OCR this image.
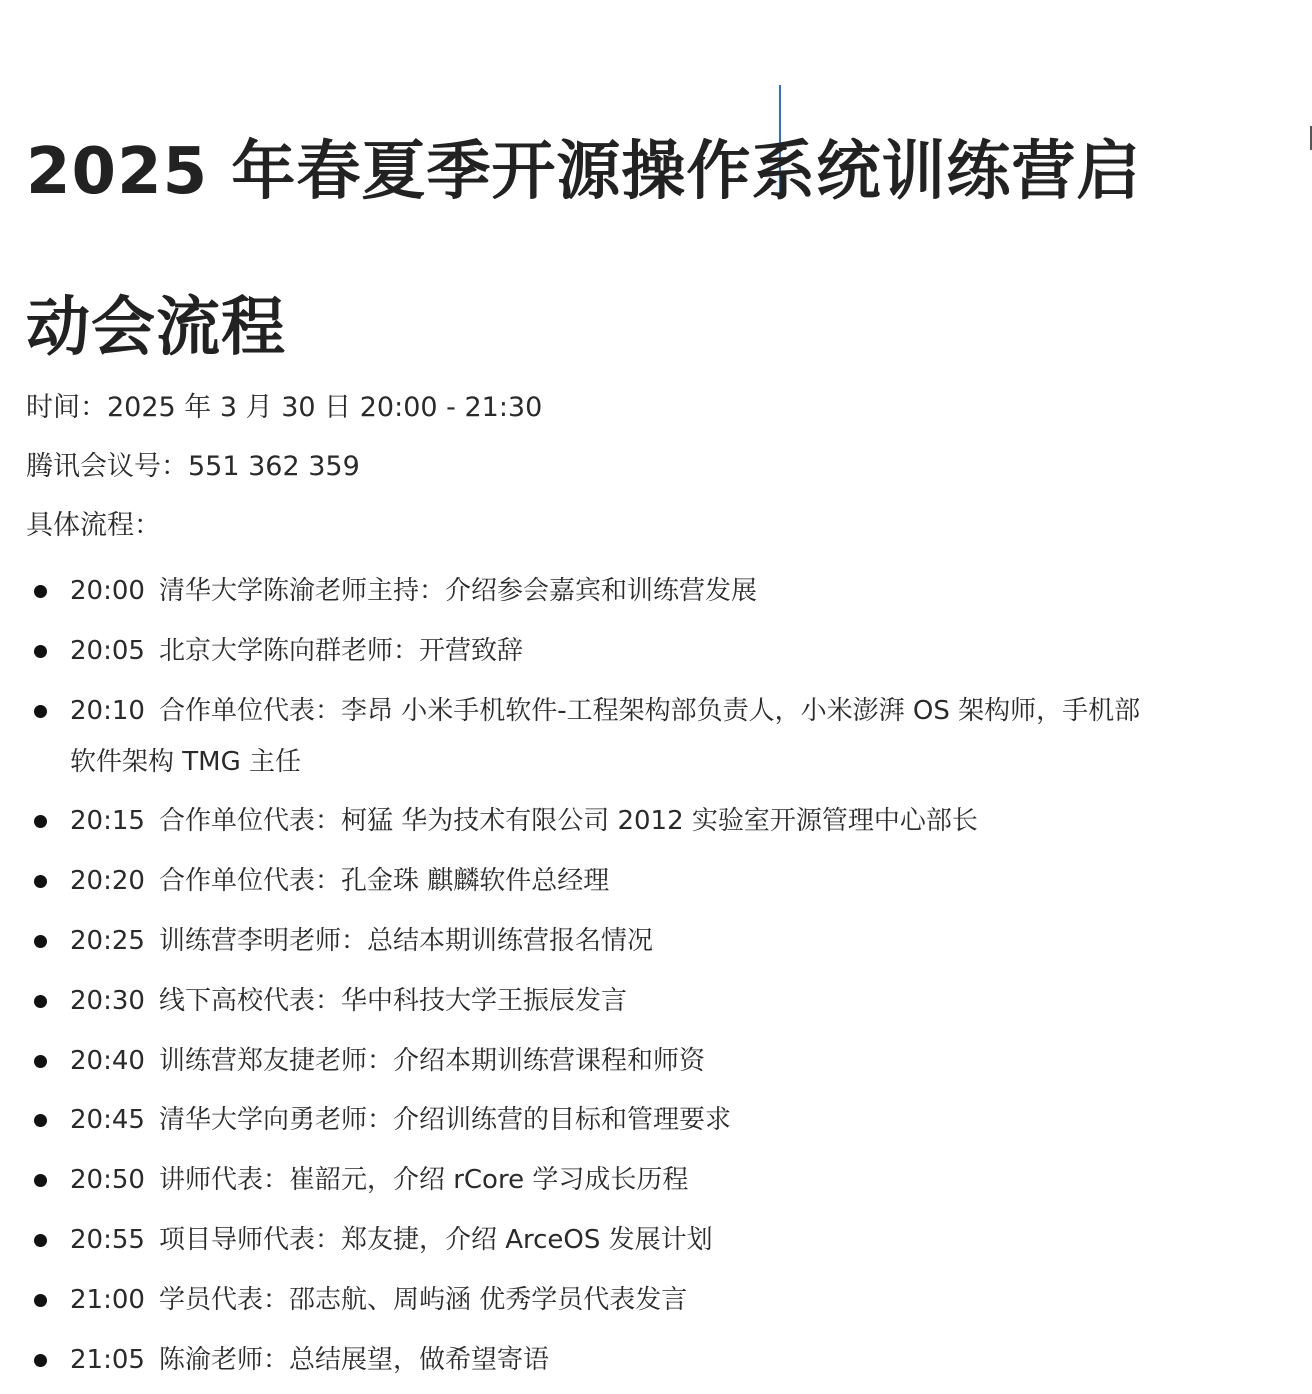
2025 年春夏季开源操作系统训练营启动会流程

时间：2025 年 3 月 30 日 20:00 - 21:30

腾讯会议号：551 362 359

具体流程：

20:00 清华大学陈渝老师主持：介绍参会嘉宾和训练营发展
20:05 北京大学陈向群老师：开营致辞
20:10 合作单位代表：李昂 小米手机软件-工程架构部负责人，小米澎湃 OS 架构师，手机部软件架构 TMG 主任
20:15 合作单位代表：柯猛 华为技术有限公司 2012 实验室开源管理中心部长
20:20 合作单位代表：孔金珠 麒麟软件总经理
20:25 训练营李明老师：总结本期训练营报名情况
20:30 线下高校代表：华中科技大学王振辰发言
20:40 训练营郑友捷老师：介绍本期训练营课程和师资
20:45 清华大学向勇老师：介绍训练营的目标和管理要求
20:50 讲师代表：崔韶元，介绍 rCore 学习成长历程
20:55 项目导师代表：郑友捷，介绍 ArceOS 发展计划
21:00 学员代表：邵志航、周屿涵 优秀学员代表发言
21:05 陈渝老师：总结展望，做希望寄语
